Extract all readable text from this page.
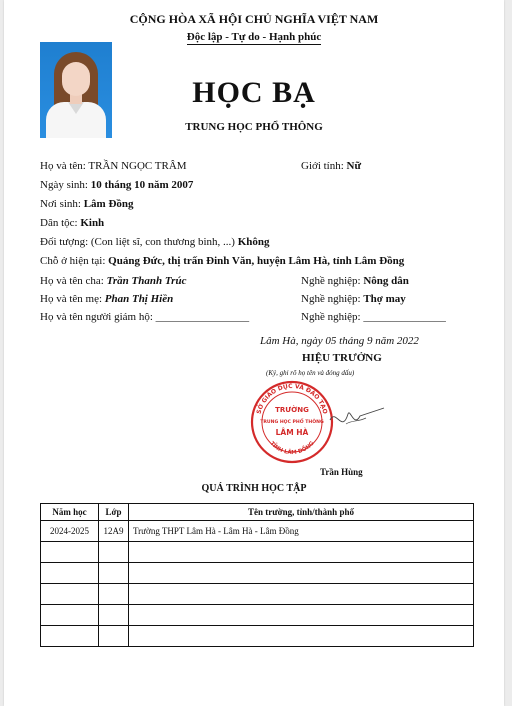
CỘNG HÒA XÃ HỘI CHỦ NGHĨA VIỆT NAM
Độc lập - Tự do - Hạnh phúc
HỌC BẠ
TRUNG HỌC PHỔ THÔNG
Họ và tên: TRẦN NGỌC TRÂM	Giới tính: Nữ
Ngày sinh: 10 tháng 10 năm 2007
Nơi sinh: Lâm Đồng
Dân tộc: Kinh
Đối tượng: (Con liệt sĩ, con thương binh, ...) Không
Chỗ ở hiện tại: Quảng Đức, thị trấn Đinh Văn, huyện Lâm Hà, tỉnh Lâm Đồng
Họ và tên cha: Trần Thanh Trúc	Nghề nghiệp: Nông dân
Họ và tên mẹ: Phan Thị Hiền	Nghề nghiệp: Thợ may
Họ và tên người giám hộ: _________________	Nghề nghiệp: _______________
Lâm Hà, ngày 05 tháng 9 năm 2022
HIỆU TRƯỞNG
(Ký, ghi rõ họ tên và đóng dấu)
SỞ GIÁO DỤC VÀ ĐÀO TẠO
TỈNH LÂM ĐỒNG
TRƯỜNG
TRUNG HỌC PHỔ THÔNG
LÂM HÀ
Trần Hùng
QUÁ TRÌNH HỌC TẬP
Năm học	Lớp	Tên trường, tỉnh/thành phố
2024-2025	12A9	Trường THPT Lâm Hà - Lâm Hà - Lâm Đồng
